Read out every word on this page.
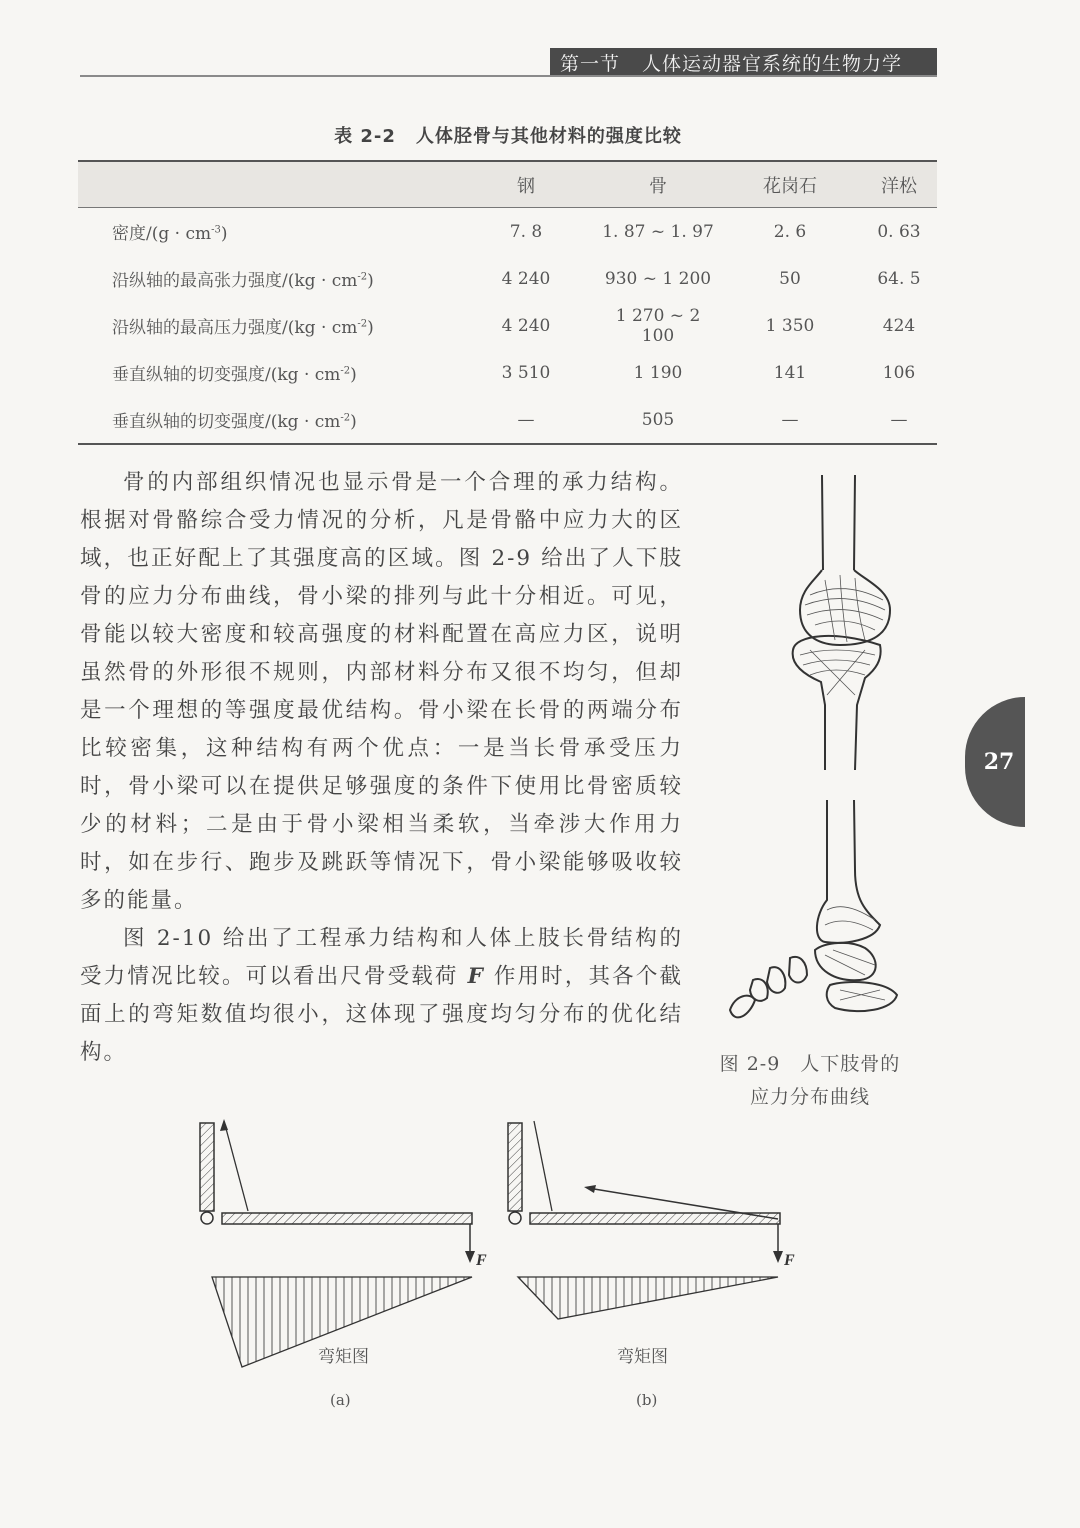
第一节 人体运动器官系统的生物力学
表 2-2 人体胫骨与其他材料的强度比较
	钢	骨	花岗石	洋松
密度$/(g \cdot cm^{-3})$	7. 8	1. 87 ~ 1. 97	2. 6	0. 63
沿纵轴的最高张力强度$/(kg \cdot cm^{-2})$	4 240	930 ~ 1 200	50	64. 5
沿纵轴的最高压力强度$/(kg \cdot cm^{-2})$	4 240	1 270 ~ 2 100	1 350	424
垂直纵轴的切变强度$/(kg \cdot cm^{-2})$	3 510	1 190	141	106
垂直纵轴的切变强度$/(kg \cdot cm^{-2})$	—	505	—	—

骨的内部组织情况也显示骨是一个合理的承力结构。根据对骨骼综合受力情况的分析，凡是骨骼中应力大的区域，也正好配上了其强度高的区域。图 2-9 给出了人下肢骨的应力分布曲线，骨小梁的排列与此十分相近。可见，骨能以较大密度和较高强度的材料配置在高应力区，说明虽然骨的外形很不规则，内部材料分布又很不均匀，但却是一个理想的等强度最优结构。骨小梁在长骨的两端分布比较密集，这种结构有两个优点：一是当长骨承受压力时，骨小梁可以在提供足够强度的条件下使用比骨密质较少的材料；二是由于骨小梁相当柔软，当牵涉大作用力时，如在步行、跑步及跳跃等情况下，骨小梁能够吸收较多的能量。

图 2-10 给出了工程承力结构和人体上肢长骨结构的受力情况比较。可以看出尺骨受载荷 F 作用时，其各个截面上的弯矩数值均很小，这体现了强度均匀分布的优化结构。

27
图 2-9　人下肢骨的
应力分布曲线
F	F
弯矩图	弯矩图
(a)	(b)
